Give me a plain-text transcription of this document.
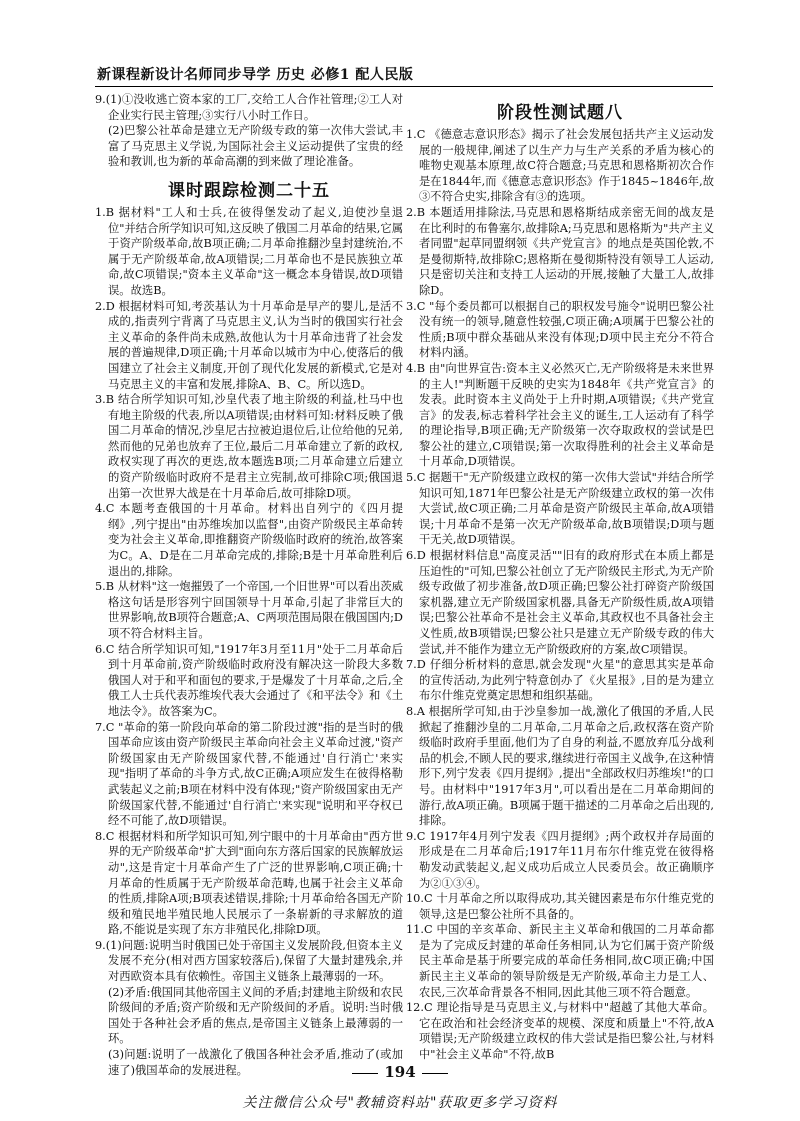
新课程新设计名师同步导学 历史 必修1 配人民版

9.(1)①没收逃亡资本家的工厂,交给工人合作社管理;②工人对企业实行民主管理;③实行八小时工作日。

(2)巴黎公社革命是建立无产阶级专政的第一次伟大尝试,丰富了马克思主义学说,为国际社会主义运动提供了宝贵的经验和教训,也为新的革命高潮的到来做了理论准备。

课时跟踪检测二十五

1.B 据材料"工人和士兵,在彼得堡发动了起义,迫使沙皇退位"并结合所学知识可知,这反映了俄国二月革命的结果,它属于资产阶级革命,故B项正确;二月革命推翻沙皇封建统治,不属于无产阶级革命,故A项错误;二月革命也不是民族独立革命,故C项错误;"资本主义革命"这一概念本身错误,故D项错误。故选B。

2.D 根据材料可知,考茨基认为十月革命是早产的婴儿,是活不成的,指责列宁背离了马克思主义,认为当时的俄国实行社会主义革命的条件尚未成熟,故他认为十月革命违背了社会发展的普遍规律,D项正确;十月革命以城市为中心,使落后的俄国建立了社会主义制度,开创了现代化发展的新模式,它是对马克思主义的丰富和发展,排除A、B、C。所以选D。

3.B 结合所学知识可知,沙皇代表了地主阶级的利益,杜马中也有地主阶级的代表,所以A项错误;由材料可知:材料反映了俄国二月革命的情况,沙皇尼古拉被迫退位后,让位给他的兄弟,然而他的兄弟也放弃了王位,最后二月革命建立了新的政权,政权实现了再次的更迭,故本题选B项;二月革命建立后建立的资产阶级临时政府不是君主立宪制,故可排除C项;俄国退出第一次世界大战是在十月革命后,故可排除D项。

4.C 本题考查俄国的十月革命。材料出自列宁的《四月提纲》,列宁提出"由苏维埃加以监督",由资产阶级民主革命转变为社会主义革命,即推翻资产阶级临时政府的统治,故答案为C。A、D是在二月革命完成的,排除;B是十月革命胜利后退出的,排除。

5.B 从材料"这一炮摧毁了一个帝国,一个旧世界"可以看出茨威格这句话是形容列宁回国领导十月革命,引起了非常巨大的世界影响,故B项符合题意;A、C两项范围局限在俄国国内;D项不符合材料主旨。

6.C 结合所学知识可知,"1917年3月至11月"处于二月革命后到十月革命前,资产阶级临时政府没有解决这一阶段大多数俄国人对于和平和面包的要求,于是爆发了十月革命,之后,全俄工人士兵代表苏维埃代表大会通过了《和平法令》和《土地法令》。故答案为C。

7.C "革命的第一阶段向革命的第二阶段过渡"指的是当时的俄国革命应该由资产阶级民主革命向社会主义革命过渡,"资产阶级国家由无产阶级国家代替,不能通过'自行消亡'来实现"指明了革命的斗争方式,故C正确;A项应发生在彼得格勒武装起义之前;B项在材料中没有体现;"资产阶级国家由无产阶级国家代替,不能通过'自行消亡'来实现"说明和平夺权已经不可能了,故D项错误。

8.C 根据材料和所学知识可知,列宁眼中的十月革命由"西方世界的无产阶级革命"扩大到"面向东方落后国家的民族解放运动",这是肯定十月革命产生了广泛的世界影响,C项正确;十月革命的性质属于无产阶级革命范畴,也属于社会主义革命的性质,排除A项;B项表述错误,排除;十月革命给各国无产阶级和殖民地半殖民地人民展示了一条崭新的寻求解放的道路,不能说是实现了东方非殖民化,排除D项。

9.(1)问题:说明当时俄国已处于帝国主义发展阶段,但资本主义发展不充分(相对西方国家较落后),保留了大量封建残余,并对西欧资本具有依赖性。帝国主义链条上最薄弱的一环。

(2)矛盾:俄国同其他帝国主义间的矛盾;封建地主阶级和农民阶级间的矛盾;资产阶级和无产阶级间的矛盾。说明:当时俄国处于各种社会矛盾的焦点,是帝国主义链条上最薄弱的一环。

(3)问题:说明了一战激化了俄国各种社会矛盾,推动了(或加速了)俄国革命的发展进程。

阶段性测试题八

1.C 《德意志意识形态》揭示了社会发展包括共产主义运动发展的一般规律,阐述了以生产力与生产关系的矛盾为核心的唯物史观基本原理,故C符合题意;马克思和恩格斯初次合作是在1844年,而《德意志意识形态》作于1845~1846年,故③不符合史实,排除含有③的选项。

2.B 本题适用排除法,马克思和恩格斯结成亲密无间的战友是在比利时的布鲁塞尔,故排除A;马克思和恩格斯为"共产主义者同盟"起草同盟纲领《共产党宣言》的地点是英国伦敦,不是曼彻斯特,故排除C;恩格斯在曼彻斯特没有领导工人运动,只是密切关注和支持工人运动的开展,接触了大量工人,故排除D。

3.C "每个委员都可以根据自己的职权发号施令"说明巴黎公社没有统一的领导,随意性较强,C项正确;A项属于巴黎公社的性质;B项中群众基础从来没有体现;D项中民主充分不符合材料内涵。

4.B 由"向世界宣告:资本主义必然灭亡,无产阶级将是未来世界的主人!"判断题干反映的史实为1848年《共产党宣言》的发表。此时资本主义尚处于上升时期,A项错误;《共产党宣言》的发表,标志着科学社会主义的诞生,工人运动有了科学的理论指导,B项正确;无产阶级第一次夺取政权的尝试是巴黎公社的建立,C项错误;第一次取得胜利的社会主义革命是十月革命,D项错误。

5.C 据题干"无产阶级建立政权的第一次伟大尝试"并结合所学知识可知,1871年巴黎公社是无产阶级建立政权的第一次伟大尝试,故C项正确;二月革命是资产阶级民主革命,故A项错误;十月革命不是第一次无产阶级革命,故B项错误;D项与题干无关,故D项错误。

6.D 根据材料信息"高度灵活""旧有的政府形式在本质上都是压迫性的"可知,巴黎公社创立了无产阶级民主形式,为无产阶级专政做了初步准备,故D项正确;巴黎公社打碎资产阶级国家机器,建立无产阶级国家机器,具备无产阶级性质,故A项错误;巴黎公社革命不是社会主义革命,其政权也不具备社会主义性质,故B项错误;巴黎公社只是建立无产阶级专政的伟大尝试,并不能作为建立无产阶级政府的方案,故C项错误。

7.D 仔细分析材料的意思,就会发现"火星"的意思其实是革命的宣传活动,为此列宁特意创办了《火星报》,目的是为建立布尔什维克党奠定思想和组织基础。

8.A 根据所学可知,由于沙皇参加一战,激化了俄国的矛盾,人民掀起了推翻沙皇的二月革命,二月革命之后,政权落在资产阶级临时政府手里面,他们为了自身的利益,不愿放弃瓜分战利品的机会,不顾人民的要求,继续进行帝国主义战争,在这种情形下,列宁发表《四月提纲》,提出"全部政权归苏维埃!"的口号。由材料中"1917年3月",可以看出是在二月革命期间的游行,故A项正确。B项属于题干描述的二月革命之后出现的,排除。

9.C 1917年4月列宁发表《四月提纲》;两个政权并存局面的形成是在二月革命后;1917年11月布尔什维克党在彼得格勒发动武装起义,起义成功后成立人民委员会。故正确顺序为②①③④。

10.C 十月革命之所以取得成功,其关键因素是布尔什维克党的领导,这是巴黎公社所不具备的。

11.C 中国的辛亥革命、新民主主义革命和俄国的二月革命都是为了完成反封建的革命任务相同,认为它们属于资产阶级民主革命是基于所要完成的革命任务相同,故C项正确;中国新民主主义革命的领导阶级是无产阶级,革命主力是工人、农民,三次革命背景各不相同,因此其他三项不符合题意。

12.C 理论指导是马克思主义,与材料中"超越了其他大革命。它在政治和社会经济变革的规模、深度和质量上"不符,故A项错误;无产阶级建立政权的伟大尝试是指巴黎公社,与材料中"社会主义革命"不符,故B

194
关注微信公众号"教辅资料站"获取更多学习资料
